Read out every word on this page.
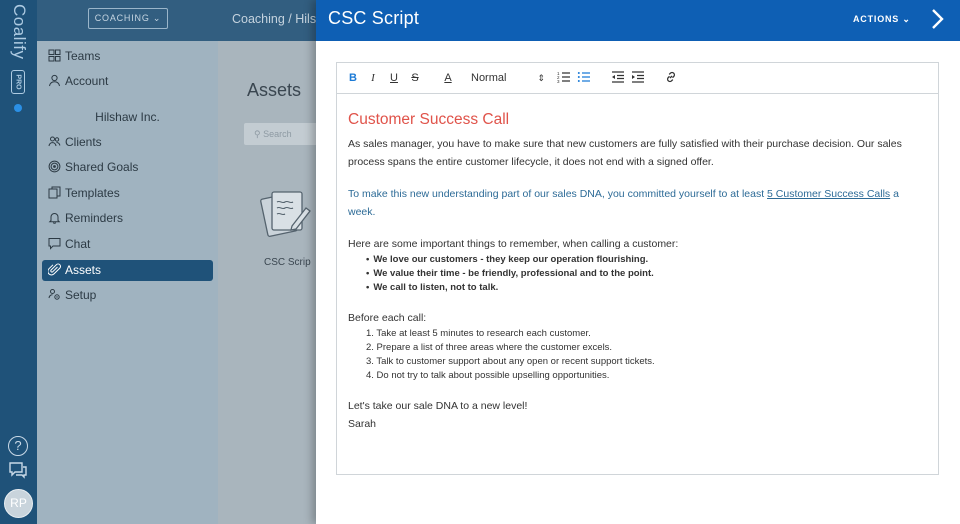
Coalify
PRO
?
RP
COACHING ⌄
Teams
Account
Hilshaw Inc.
Clients
Shared Goals
Templates
Reminders
Chat
Assets
Setup
Coaching / Hils
Assets
⚲ Search
CSC Scrip
CSC Script	ACTIONS ⌄
B	I	U S	A	Normal	⇕	1
2
3
Customer Success Call

As sales manager, you have to make sure that new customers are fully satisfied with their purchase decision. Our sales process spans the entire customer lifecycle, it does not end with a signed offer.

To make this new understanding part of our sales DNA, you committed yourself to at least 5 Customer Success Calls a week.

Here are some important things to remember, when calling a customer:

• We love our customers - they keep our operation flourishing.
• We value their time - be friendly, professional and to the point.
• We call to listen, not to talk.

Before each call:

1. Take at least 5 minutes to research each customer.
2. Prepare a list of three areas where the customer excels.
3. Talk to customer support about any open or recent support tickets.
4. Do not try to talk about possible upselling opportunities.

Let's take our sale DNA to a new level!

Sarah
